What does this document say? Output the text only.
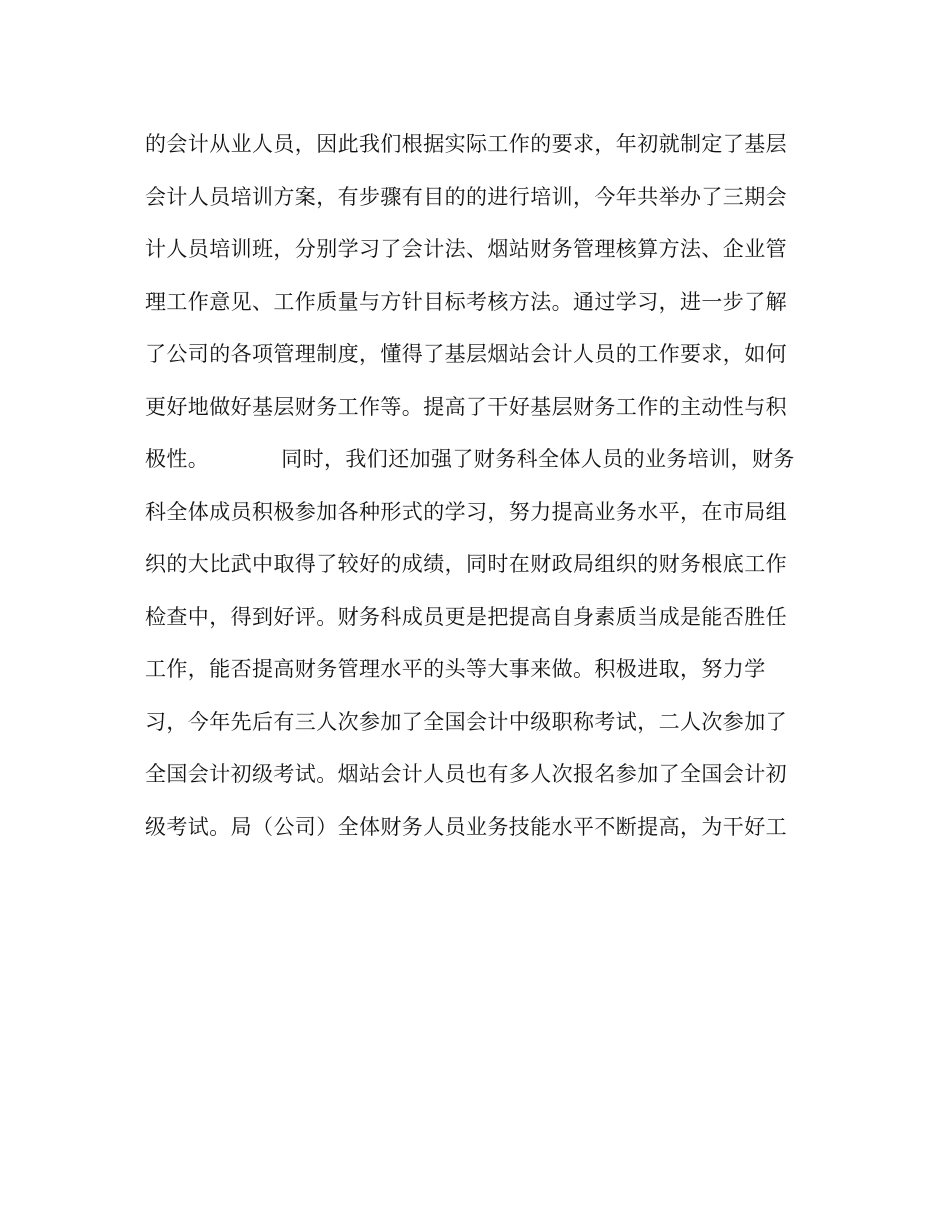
的会计从业人员，因此我们根据实际工作的要求，年初就制定了基层
会计人员培训方案，有步骤有目的的进行培训，今年共举办了三期会
计人员培训班，分别学习了会计法、烟站财务管理核算方法、企业管
理工作意见、工作质量与方针目标考核方法。通过学习，进一步了解
了公司的各项管理制度，懂得了基层烟站会计人员的工作要求，如何
更好地做好基层财务工作等。提高了干好基层财务工作的主动性与积
极性。	同时，我们还加强了财务科全体人员的业务培训，财务
科全体成员积极参加各种形式的学习，努力提高业务水平，在市局组
织的大比武中取得了较好的成绩，同时在财政局组织的财务根底工作
检查中，得到好评。财务科成员更是把提高自身素质当成是能否胜任
工作，能否提高财务管理水平的头等大事来做。积极进取，努力学
习，今年先后有三人次参加了全国会计中级职称考试，二人次参加了
全国会计初级考试。烟站会计人员也有多人次报名参加了全国会计初
级考试。局（公司）全体财务人员业务技能水平不断提高，为干好工
